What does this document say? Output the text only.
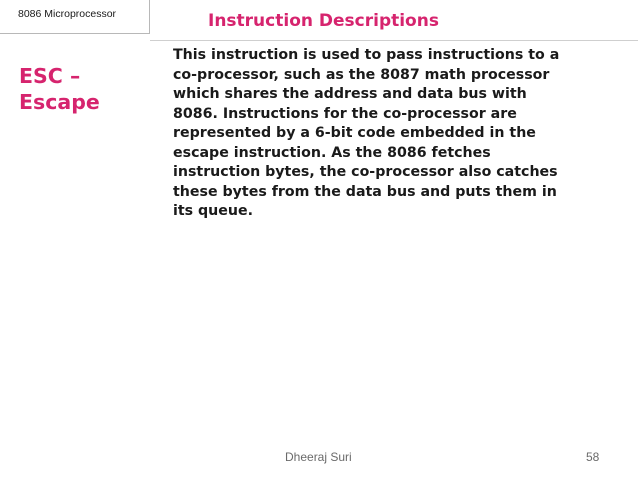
8086 Microprocessor	Instruction Descriptions
ESC –
Escape
This instruction is used to pass instructions to a
co-processor, such as the 8087 math processor
which shares the address and data bus with
8086. Instructions for the co-processor are
represented by a 6-bit code embedded in the
escape instruction. As the 8086 fetches
instruction bytes, the co-processor also catches
these bytes from the data bus and puts them in
its queue.
Dheeraj Suri	58
